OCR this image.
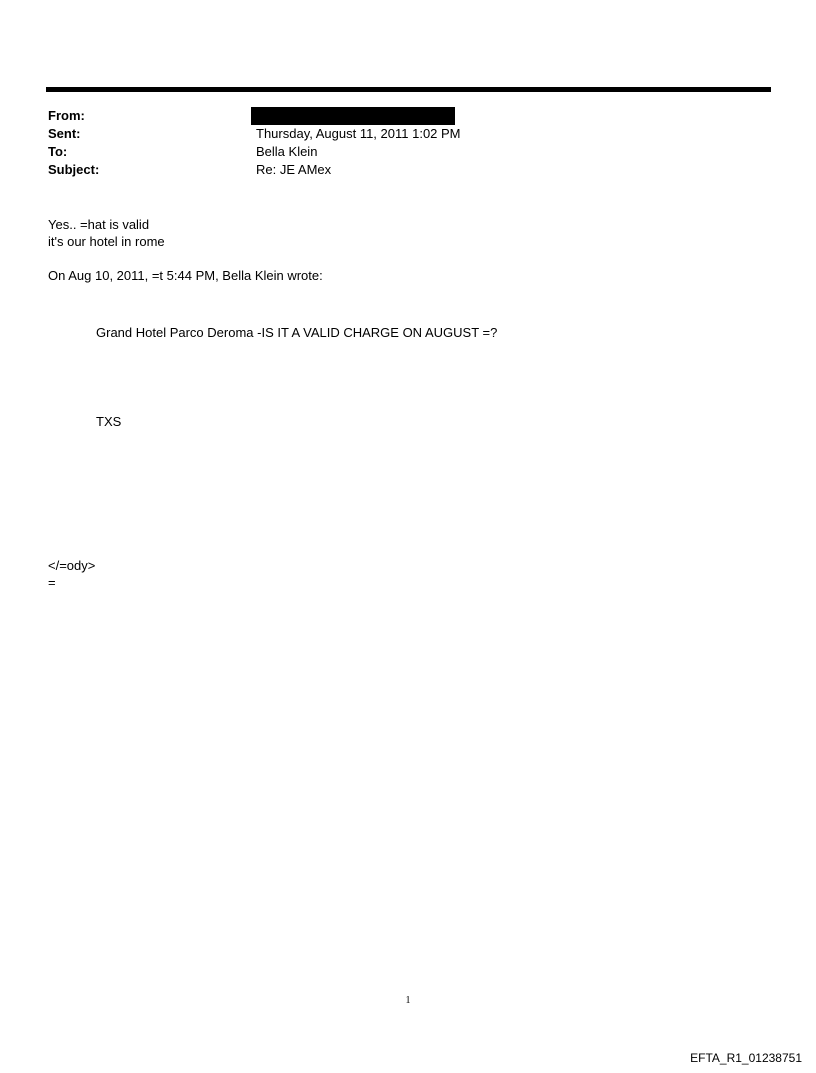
From:
Sent:	Thursday, August 11, 2011 1:02 PM
To:	Bella Klein
Subject:	Re: JE AMex
Yes.. =hat is valid
it's our hotel in rome
On Aug 10, 2011, =t 5:44 PM, Bella Klein wrote:
Grand Hotel Parco Deroma -IS IT A VALID CHARGE ON AUGUST =?
TXS
</=ody>
=
1
EFTA_R1_01238751
